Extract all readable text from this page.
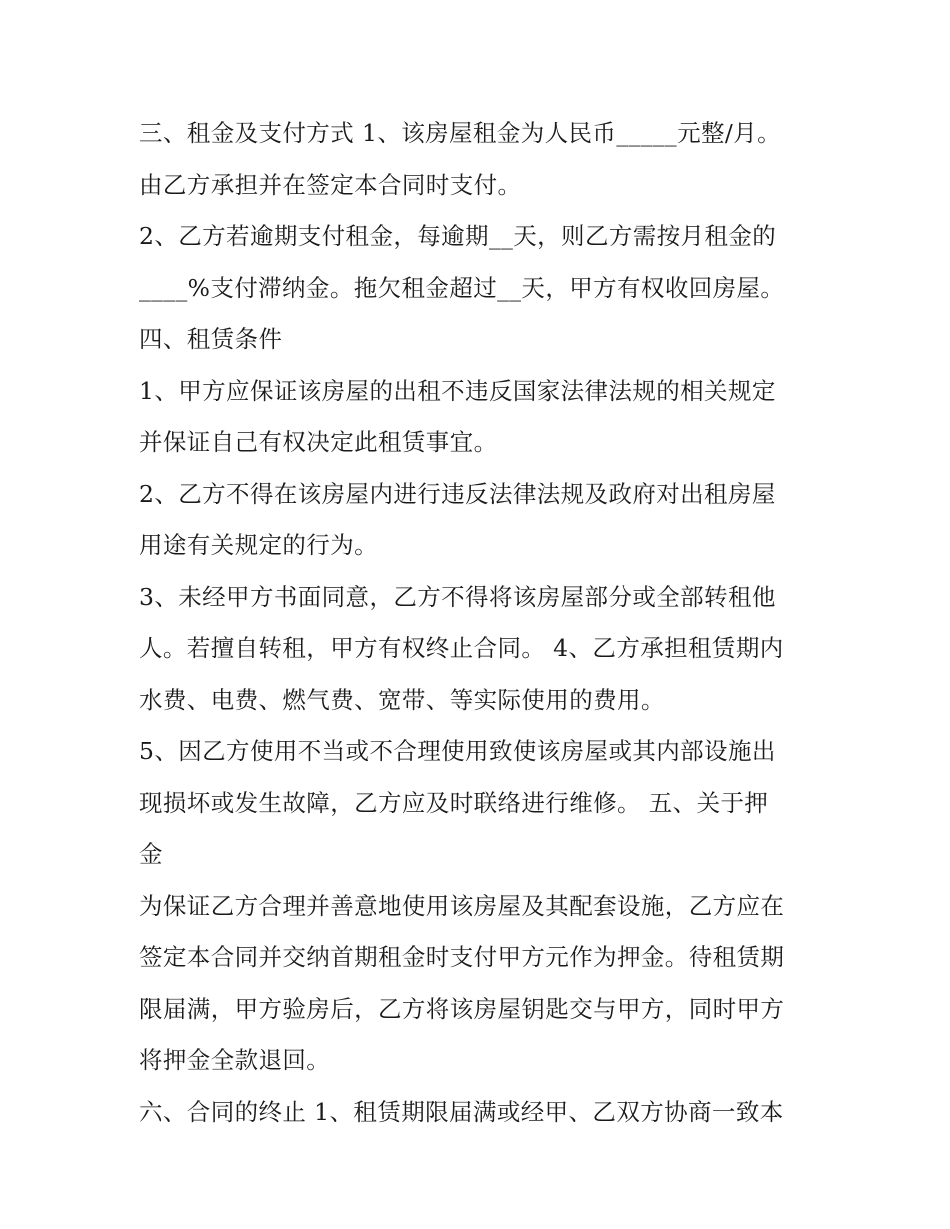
三、租金及支付方式 1、该房屋租金为人民币_____元整/月。
由乙方承担并在签定本合同时支付。
2、乙方若逾期支付租金，每逾期__天，则乙方需按月租金的
____%支付滞纳金。拖欠租金超过__天，甲方有权收回房屋。
四、租赁条件
1、甲方应保证该房屋的出租不违反国家法律法规的相关规定
并保证自己有权决定此租赁事宜。
2、乙方不得在该房屋内进行违反法律法规及政府对出租房屋
用途有关规定的行为。
3、未经甲方书面同意，乙方不得将该房屋部分或全部转租他
人。若擅自转租，甲方有权终止合同。 4、乙方承担租赁期内
水费、电费、燃气费、宽带、等实际使用的费用。
5、因乙方使用不当或不合理使用致使该房屋或其内部设施出
现损坏或发生故障，乙方应及时联络进行维修。 五、关于押
金
为保证乙方合理并善意地使用该房屋及其配套设施，乙方应在
签定本合同并交纳首期租金时支付甲方元作为押金。待租赁期
限届满，甲方验房后，乙方将该房屋钥匙交与甲方，同时甲方
将押金全款退回。
六、合同的终止 1、租赁期限届满或经甲、乙双方协商一致本
